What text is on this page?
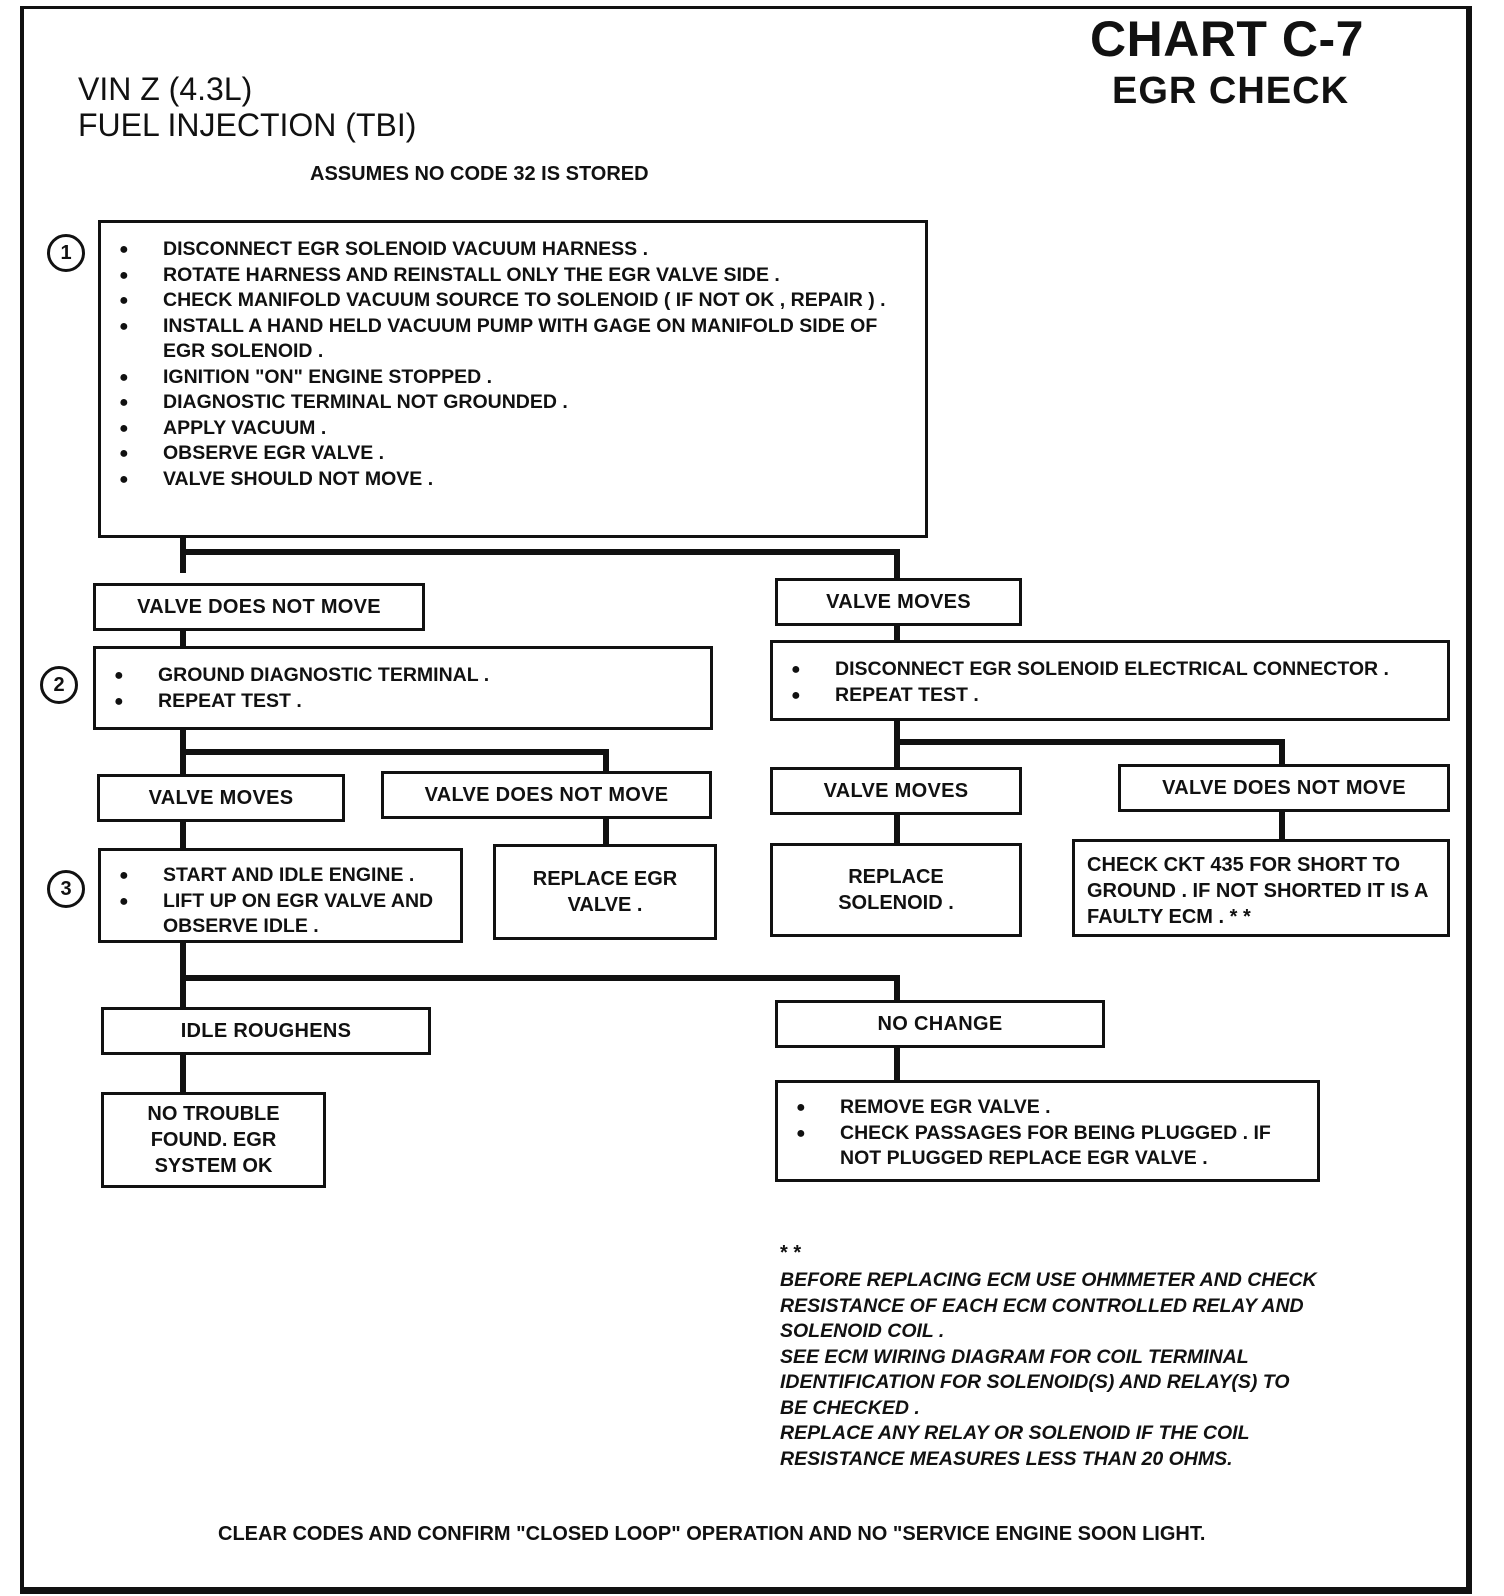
CHART C-7
EGR CHECK
VIN Z (4.3L)
FUEL INJECTION (TBI)
ASSUMES NO CODE 32 IS STORED
1	● DISCONNECT EGR SOLENOID VACUUM HARNESS .
● ROTATE HARNESS AND REINSTALL ONLY THE EGR VALVE SIDE .
● CHECK MANIFOLD VACUUM SOURCE TO SOLENOID ( IF NOT OK , REPAIR ) .
● INSTALL A HAND HELD VACUUM PUMP WITH GAGE ON MANIFOLD SIDE OF EGR SOLENOID .
● IGNITION "ON" ENGINE STOPPED .
● DIAGNOSTIC TERMINAL NOT GROUNDED .
● APPLY VACUUM .
● OBSERVE EGR VALVE .
● VALVE SHOULD NOT MOVE .
VALVE DOES NOT MOVE	VALVE MOVES
2	● GROUND DIAGNOSTIC TERMINAL .
● REPEAT TEST .
● DISCONNECT EGR SOLENOID ELECTRICAL CONNECTOR .
● REPEAT TEST .
VALVE MOVES	VALVE DOES NOT MOVE	VALVE MOVES	VALVE DOES NOT MOVE
3
● START AND IDLE ENGINE .
● LIFT UP ON EGR VALVE AND OBSERVE IDLE .
REPLACE EGR VALVE .
REPLACE SOLENOID .
CHECK CKT 435 FOR SHORT TO GROUND . IF NOT SHORTED IT IS A FAULTY ECM . * *
IDLE ROUGHENS	NO CHANGE
NO TROUBLE FOUND. EGR SYSTEM OK
● REMOVE EGR VALVE .
● CHECK PASSAGES FOR BEING PLUGGED . IF NOT PLUGGED REPLACE EGR VALVE .
* *
BEFORE REPLACING ECM USE OHMMETER AND CHECK
RESISTANCE OF EACH ECM CONTROLLED RELAY AND
SOLENOID COIL .
SEE ECM WIRING DIAGRAM FOR COIL TERMINAL
IDENTIFICATION FOR SOLENOID(S) AND RELAY(S) TO
BE CHECKED .
REPLACE ANY RELAY OR SOLENOID IF THE COIL
RESISTANCE MEASURES LESS THAN 20 OHMS.
CLEAR CODES AND CONFIRM "CLOSED LOOP" OPERATION AND NO "SERVICE ENGINE SOON LIGHT.
